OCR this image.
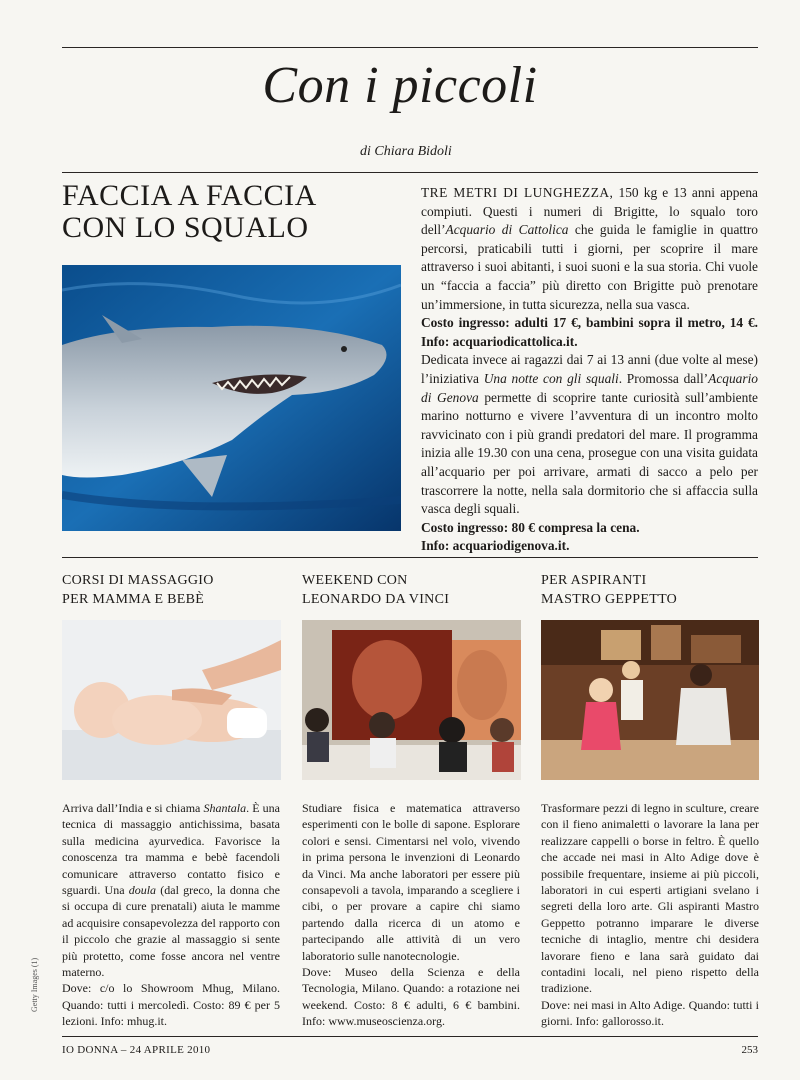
Con i piccoli
di Chiara Bidoli
FACCIA A FACCIA
CON LO SQUALO

TRE METRI DI LUNGHEZZA, 150 kg e 13 anni appena compiuti. Questi i numeri di Brigitte, lo squalo toro dell’Acquario di Cattolica che guida le famiglie in quattro percorsi, praticabili tutti i giorni, per scoprire il mare attraverso i suoi abitanti, i suoi suoni e la sua storia. Chi vuole un “faccia a faccia” più diretto con Brigitte può prenotare un’immersione, in tutta sicurezza, nella sua vasca.

Costo ingresso: adulti 17 €, bambini sopra il metro, 14 €. Info: acquariodicattolica.it.

Dedicata invece ai ragazzi dai 7 ai 13 anni (due volte al mese) l’iniziativa Una notte con gli squali. Promossa dall’Acquario di Genova permette di scoprire tante curiosità sull’ambiente marino notturno e vivere l’avventura di un incontro molto ravvicinato con i più grandi predatori del mare. Il programma inizia alle 19.30 con una cena, prosegue con una visita guidata all’acquario per poi arrivare, armati di sacco a pelo per trascorrere la notte, nella sala dormitorio che si affaccia sulla vasca degli squali.

Costo ingresso: 80 € compresa la cena.

Info: acquariodigenova.it.

CORSI DI MASSAGGIO
PER MAMMA E BEBÈ

Arriva dall’India e si chiama Shantala. È una tecnica di massaggio antichissima, basata sulla medicina ayurvedica. Favorisce la conoscenza tra mamma e bebè facendoli comunicare attraverso contatto fisico e sguardi. Una doula (dal greco, la donna che si occupa di cure prenatali) aiuta le mamme ad acquisire consapevolezza del rapporto con il piccolo che grazie al massaggio si sente più protetto, come fosse ancora nel ventre materno.

Dove: c/o lo Showroom Mhug, Milano. Quando: tutti i mercoledì. Costo: 89 € per 5 lezioni. Info: mhug.it.

WEEKEND CON
LEONARDO DA VINCI

Studiare fisica e matematica attraverso esperimenti con le bolle di sapone. Esplorare colori e sensi. Cimentarsi nel volo, vivendo in prima persona le invenzioni di Leonardo da Vinci. Ma anche laboratori per essere più consapevoli a tavola, imparando a scegliere i cibi, o per provare a capire chi siamo partendo dalla ricerca di un atomo e partecipando alle attività di un vero laboratorio sulle nanotecnologie.

Dove: Museo della Scienza e della Tecnologia, Milano. Quando: a rotazione nei weekend. Costo: 8 € adulti, 6 € bambini. Info: www.museoscienza.org.

PER ASPIRANTI
MASTRO GEPPETTO

Trasformare pezzi di legno in sculture, creare con il fieno animaletti o lavorare la lana per realizzare cappelli o borse in feltro. È quello che accade nei masi in Alto Adige dove è possibile frequentare, insieme ai più piccoli, laboratori in cui esperti artigiani svelano i segreti della loro arte. Gli aspiranti Mastro Geppetto potranno imparare le diverse tecniche di intaglio, mentre chi desidera lavorare fieno e lana sarà guidato dai contadini locali, nel pieno rispetto della tradizione.

Dove: nei masi in Alto Adige. Quando: tutti i giorni. Info: gallorosso.it.

Getty Images (1)
IO DONNA – 24 APRILE 2010	253
